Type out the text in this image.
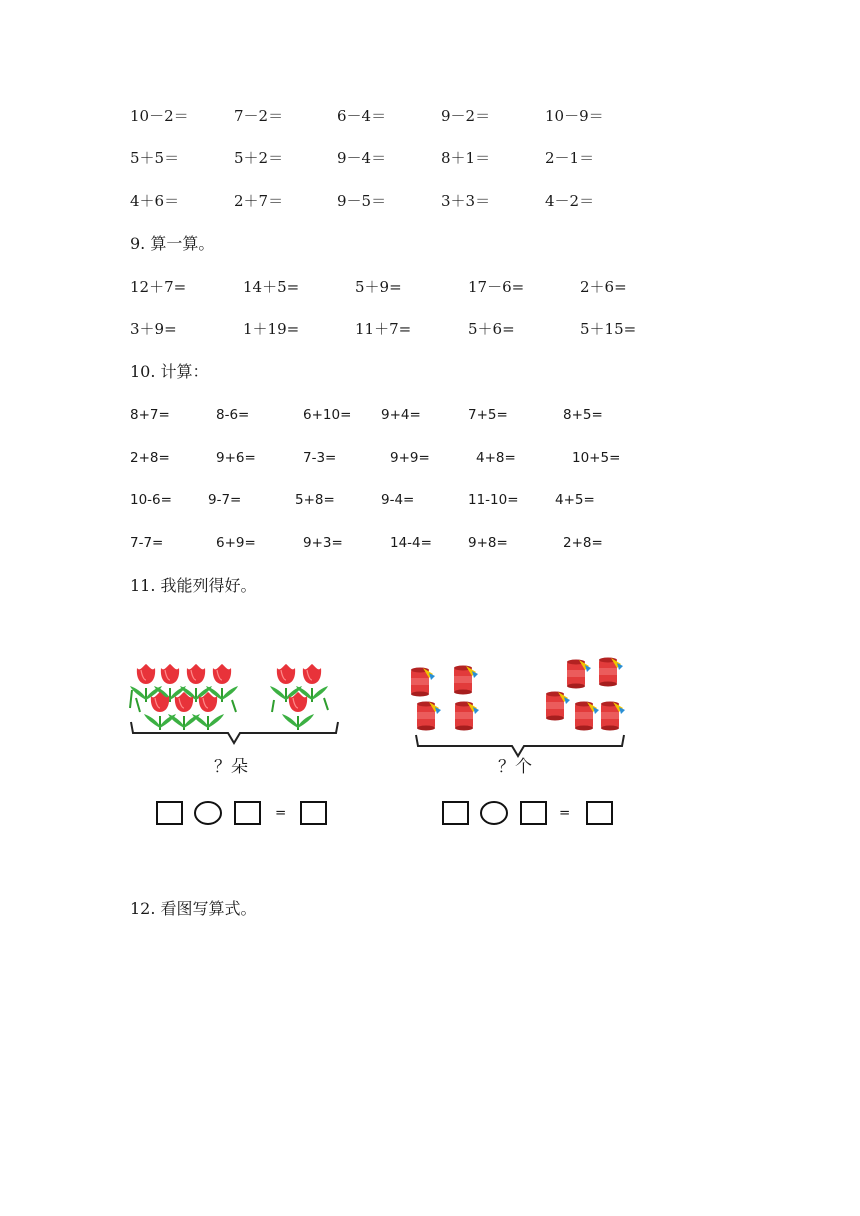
10－2＝	7－2＝	6－4＝	9－2＝	10－9＝
5＋5＝	5＋2＝	9－4＝	8＋1＝	2－1＝
4＋6＝	2＋7＝	9－5＝	3＋3＝	4－2＝
9. 算一算。
12＋7=	14＋5=	5＋9=	17－6=	2＋6=
3＋9=	1＋19=	11＋7=	5＋6=	5＋15=
10. 计算：
8+7=	8-6=	6+10= 9+4=	7+5=	8+5=
2+8=	9+6=	7-3=	9+9=	4+8=	10+5=
10-6=	9-7=	5+8=	9-4=	11-10=	4+5=
7-7=	6+9=	9+3=	14-4=	9+8=	2+8=
11. 我能列得好。
？朵	？个
=	=
12. 看图写算式。
